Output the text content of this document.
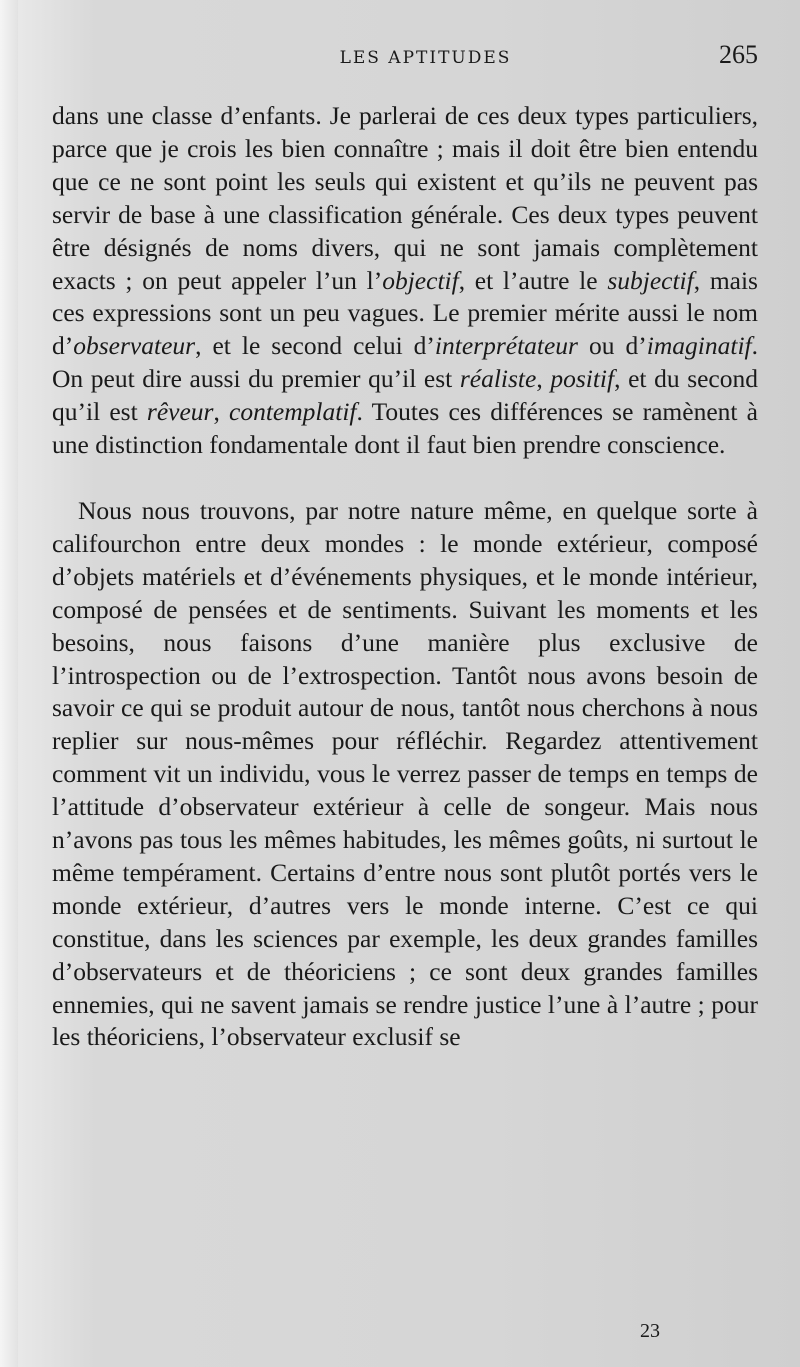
LES APTITUDES	265

dans une classe d’enfants. Je parlerai de ces deux types particuliers, parce que je crois les bien connaître ; mais il doit être bien entendu que ce ne sont point les seuls qui existent et qu’ils ne peuvent pas servir de base à une classification générale. Ces deux types peuvent être désignés de noms divers, qui ne sont jamais complètement exacts ; on peut appeler l’un l’objectif, et l’autre le subjectif, mais ces expressions sont un peu vagues. Le premier mérite aussi le nom d’observateur, et le second celui d’interprétateur ou d’imaginatif. On peut dire aussi du premier qu’il est réaliste, positif, et du second qu’il est rêveur, contemplatif. Toutes ces différences se ramènent à une distinction fondamentale dont il faut bien prendre conscience.

Nous nous trouvons, par notre nature même, en quelque sorte à califourchon entre deux mondes : le monde extérieur, composé d’objets matériels et d’événements physiques, et le monde intérieur, composé de pensées et de sentiments. Suivant les moments et les besoins, nous faisons d’une manière plus exclusive de l’introspection ou de l’extrospection. Tantôt nous avons besoin de savoir ce qui se produit autour de nous, tantôt nous cherchons à nous replier sur nous-mêmes pour réfléchir. Regardez attentivement comment vit un individu, vous le verrez passer de temps en temps de l’attitude d’observateur extérieur à celle de songeur. Mais nous n’avons pas tous les mêmes habitudes, les mêmes goûts, ni surtout le même tempérament. Certains d’entre nous sont plutôt portés vers le monde extérieur, d’autres vers le monde interne. C’est ce qui constitue, dans les sciences par exemple, les deux grandes familles d’observateurs et de théoriciens ; ce sont deux grandes familles ennemies, qui ne savent jamais se rendre justice l’une à l’autre ; pour les théoriciens, l’observateur exclusif se

23
